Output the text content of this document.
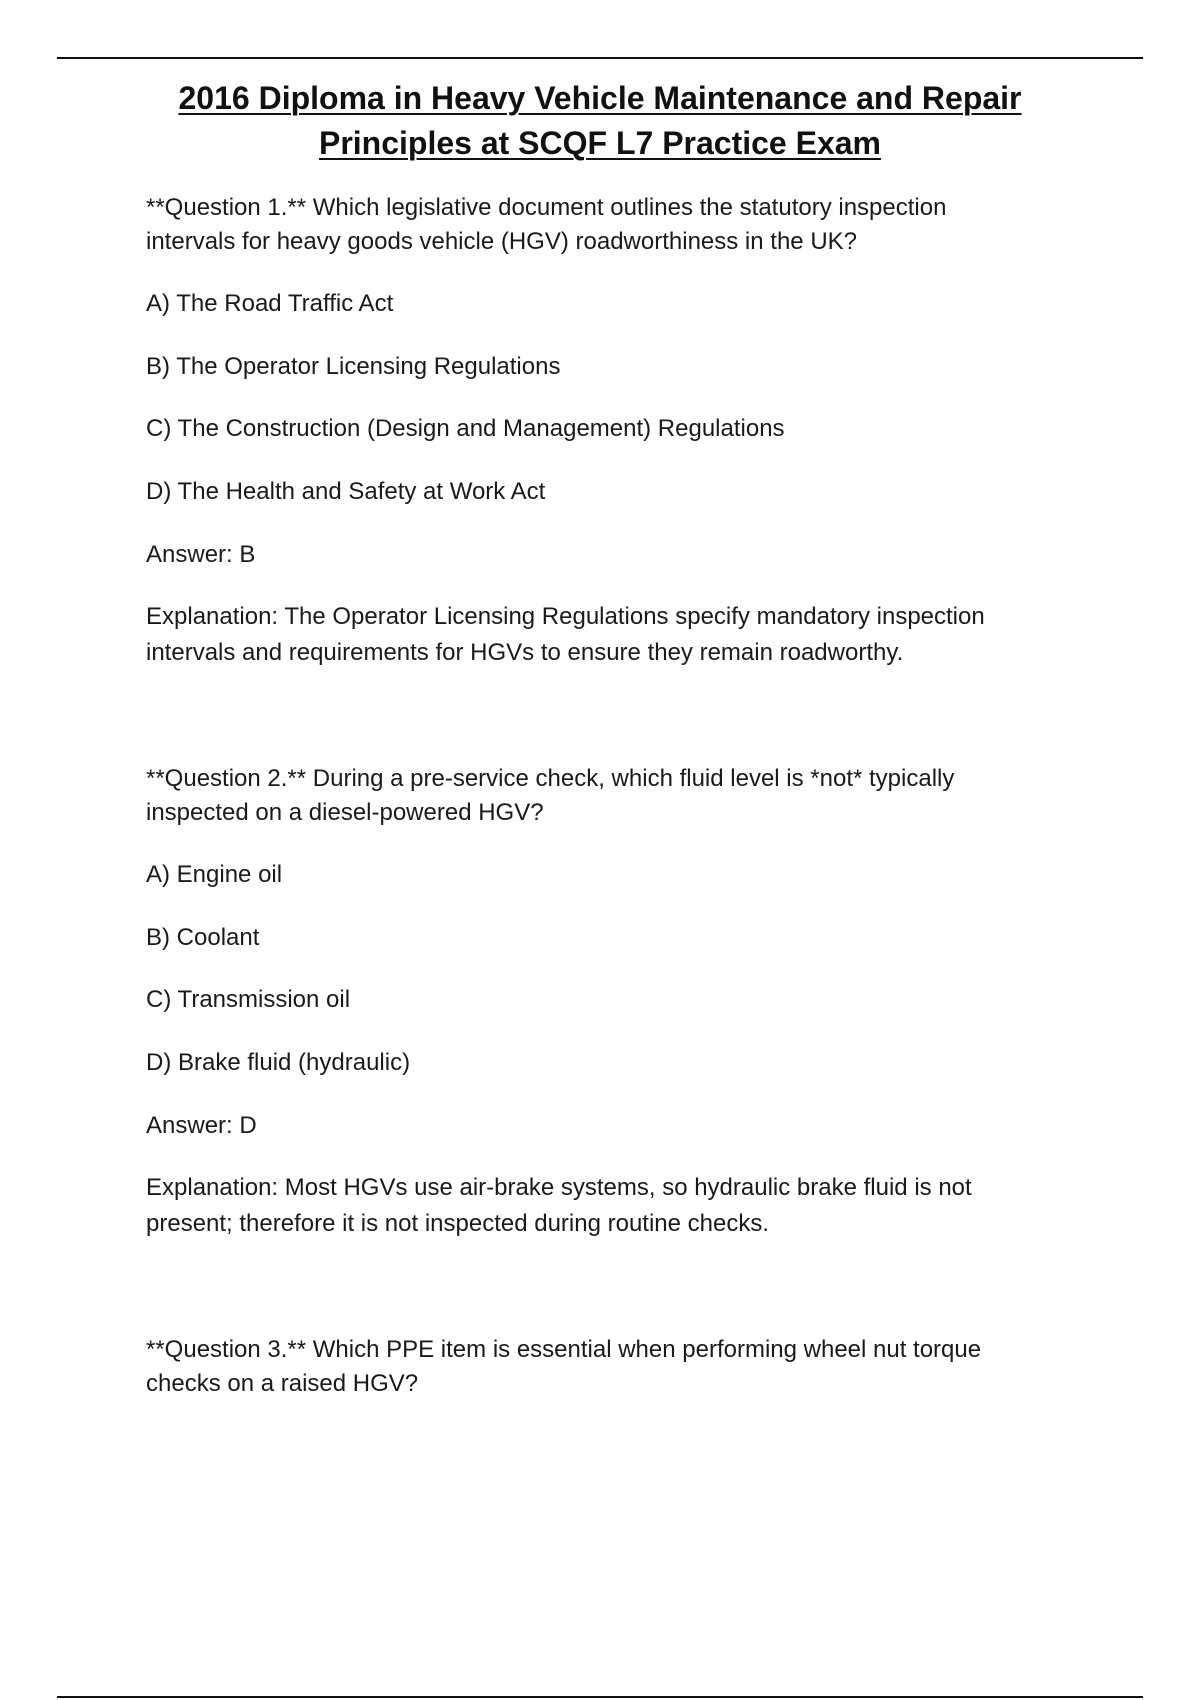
2016 Diploma in Heavy Vehicle Maintenance and Repair
Principles at SCQF L7 Practice Exam
**Question 1.** Which legislative document outlines the statutory inspection
intervals for heavy goods vehicle (HGV) roadworthiness in the UK?
A) The Road Traffic Act
B) The Operator Licensing Regulations
C) The Construction (Design and Management) Regulations
D) The Health and Safety at Work Act
Answer: B
Explanation: The Operator Licensing Regulations specify mandatory inspection
intervals and requirements for HGVs to ensure they remain roadworthy.
**Question 2.** During a pre-service check, which fluid level is *not* typically
inspected on a diesel-powered HGV?
A) Engine oil
B) Coolant
C) Transmission oil
D) Brake fluid (hydraulic)
Answer: D
Explanation: Most HGVs use air-brake systems, so hydraulic brake fluid is not
present; therefore it is not inspected during routine checks.
**Question 3.** Which PPE item is essential when performing wheel nut torque
checks on a raised HGV?
